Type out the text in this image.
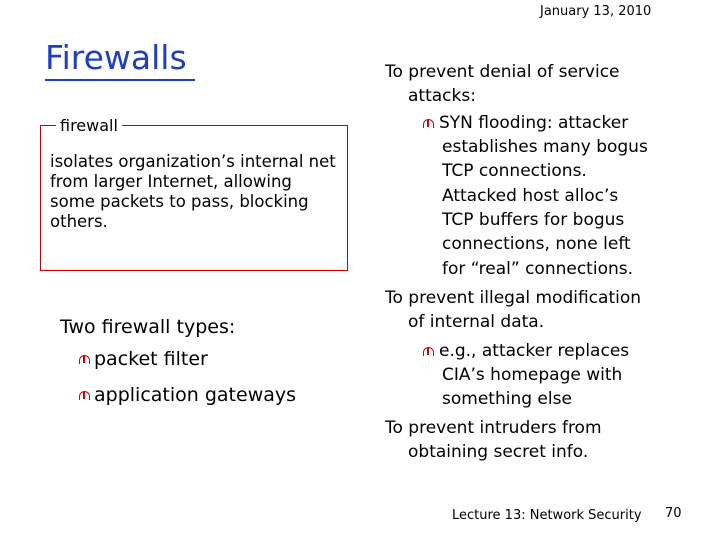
January 13, 2010
Firewalls
firewall
isolates organization’s internal net from larger Internet, allowing some packets to pass, blocking others.
Two firewall types:
packet filter
application gateways
To prevent denial of service
attacks:
SYN flooding: attacker
establishes many bogus
TCP connections.
Attacked host alloc’s
TCP buffers for bogus
connections, none left
for “real” connections.
To prevent illegal modification
of internal data.
e.g., attacker replaces
CIA’s homepage with
something else
To prevent intruders from
obtaining secret info.
Lecture 13: Network Security 70
